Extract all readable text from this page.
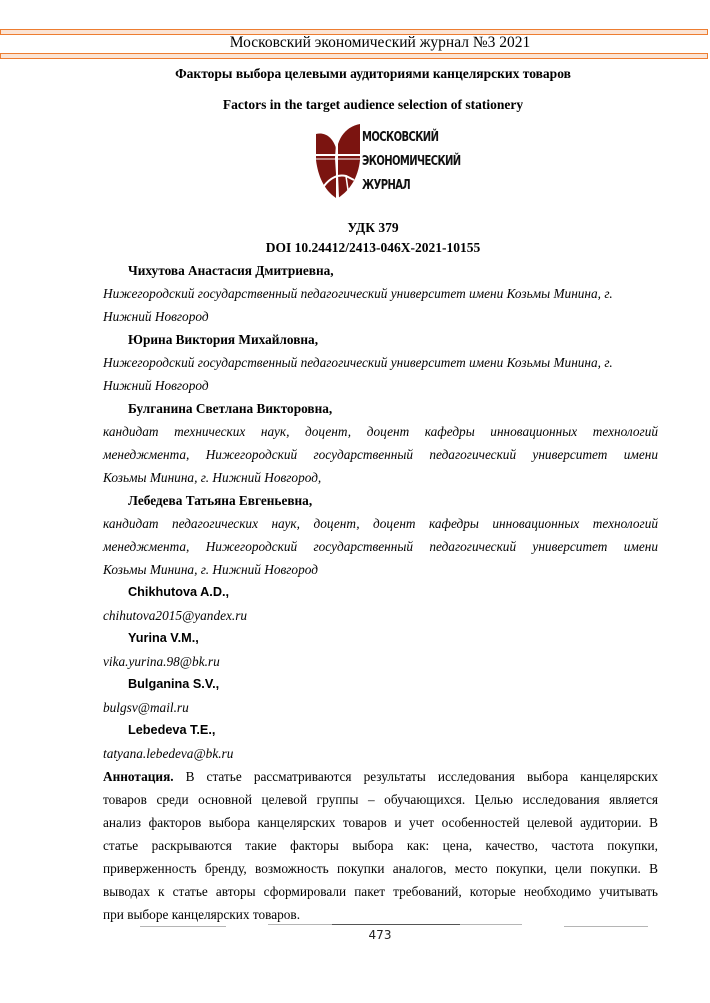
Московский экономический журнал №3 2021
Факторы выбора целевыми аудиториями канцелярских товаров
Factors in the target audience selection of stationery
МОСКОВСКИЙ
ЭКОНОМИЧЕСКИЙ
ЖУРНАЛ
УДК 379
DOI 10.24412/2413-046X-2021-10155
Чихутова Анастасия Дмитриевна,
Нижегородский государственный педагогический университет имени Козьмы Минина, г.
Нижний Новгород
Юрина Виктория Михайловна,
Нижегородский государственный педагогический университет имени Козьмы Минина, г.
Нижний Новгород
Булганина Светлана Викторовна,
кандидат технических наук, доцент, доцент кафедры инновационных технологий
менеджмента, Нижегородский государственный педагогический университет имени
Козьмы Минина, г. Нижний Новгород,
Лебедева Татьяна Евгеньевна,
кандидат педагогических наук, доцент, доцент кафедры инновационных технологий
менеджмента, Нижегородский государственный педагогический университет имени
Козьмы Минина, г. Нижний Новгород
Chikhutova A.D.,
chihutova2015@yandex.ru
Yurina V.M.,
vika.yurina.98@bk.ru
Bulganina S.V.,
bulgsv@mail.ru
Lebedeva T.E.,
tatyana.lebedeva@bk.ru
Аннотация. В статье рассматриваются результаты исследования выбора канцелярских
товаров среди основной целевой группы – обучающихся. Целью исследования является
анализ факторов выбора канцелярских товаров и учет особенностей целевой аудитории. В
статье раскрываются такие факторы выбора как: цена, качество, частота покупки,
приверженность бренду, возможность покупки аналогов, место покупки, цели покупки. В
выводах к статье авторы сформировали пакет требований, которые необходимо учитывать
при выборе канцелярских товаров.
473
